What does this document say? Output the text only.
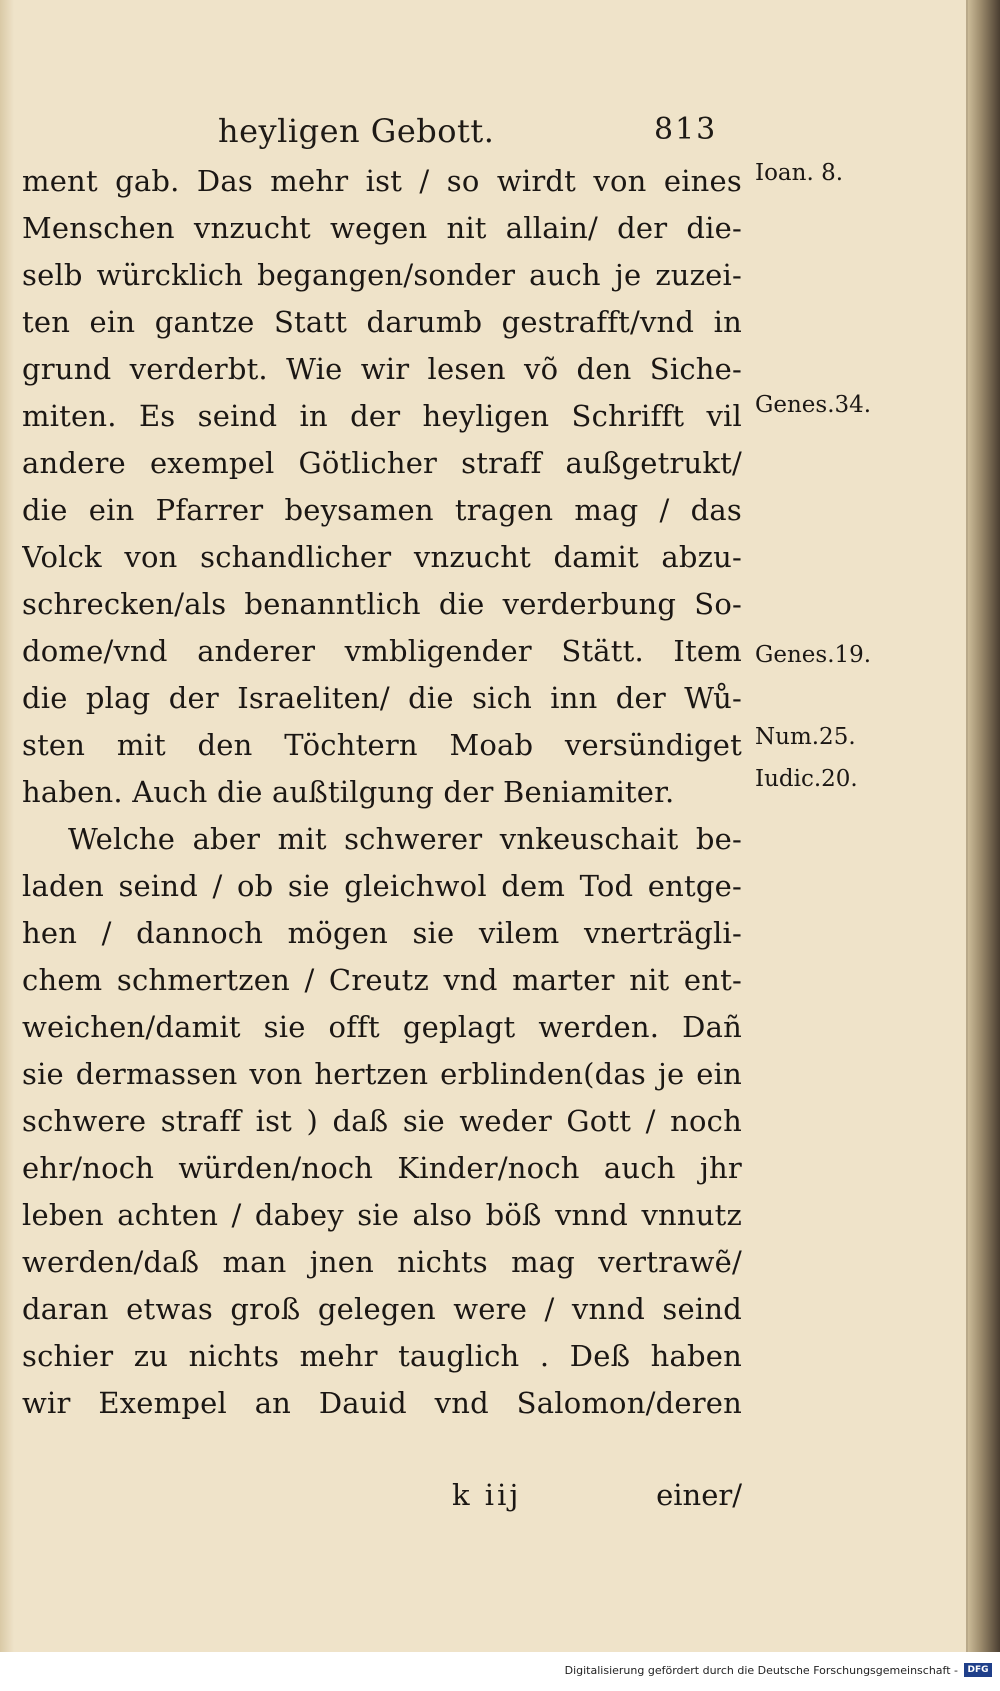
heyligen Gebott.	813
ment gab. Das mehr ist / so wirdt von eines
Menschen vnzucht wegen nit allain/ der die-
selb würcklich begangen/sonder auch je zuzei-
ten ein gantze Statt darumb gestrafft/vnd in
grund verderbt. Wie wir lesen võ den Siche-
miten. Es seind in der heyligen Schrifft vil
andere exempel Götlicher straff außgetrukt/
die ein Pfarrer beysamen tragen mag / das
Volck von schandlicher vnzucht damit abzu-
schrecken/als benanntlich die verderbung So-
dome/vnd anderer vmbligender Stätt. Item
die plag der Israeliten/ die sich inn der Wů-
sten mit den Töchtern Moab versündiget
haben. Auch die außtilgung der Beniamiter.
Welche aber mit schwerer vnkeuschait be-
laden seind / ob sie gleichwol dem Tod entge-
hen / dannoch mögen sie vilem vnerträgli-
chem schmertzen / Creutz vnd marter nit ent-
weichen/damit sie offt geplagt werden. Dañ
sie dermassen von hertzen erblinden(das je ein
schwere straff ist ) daß sie weder Gott / noch
ehr/noch würden/noch Kinder/noch auch jhr
leben achten / dabey sie also böß vnnd vnnutz
werden/daß man jnen nichts mag vertrawẽ/
daran etwas groß gelegen were / vnnd seind
schier zu nichts mehr tauglich . Deß haben
wir Exempel an Dauid vnd Salomon/deren
Ioan. 8.
Genes.34.
Genes.19.
Num.25.
Iudic.20.
k iij	einer/
Digitalisierung gefördert durch die Deutsche Forschungsgemeinschaft -	DFG
